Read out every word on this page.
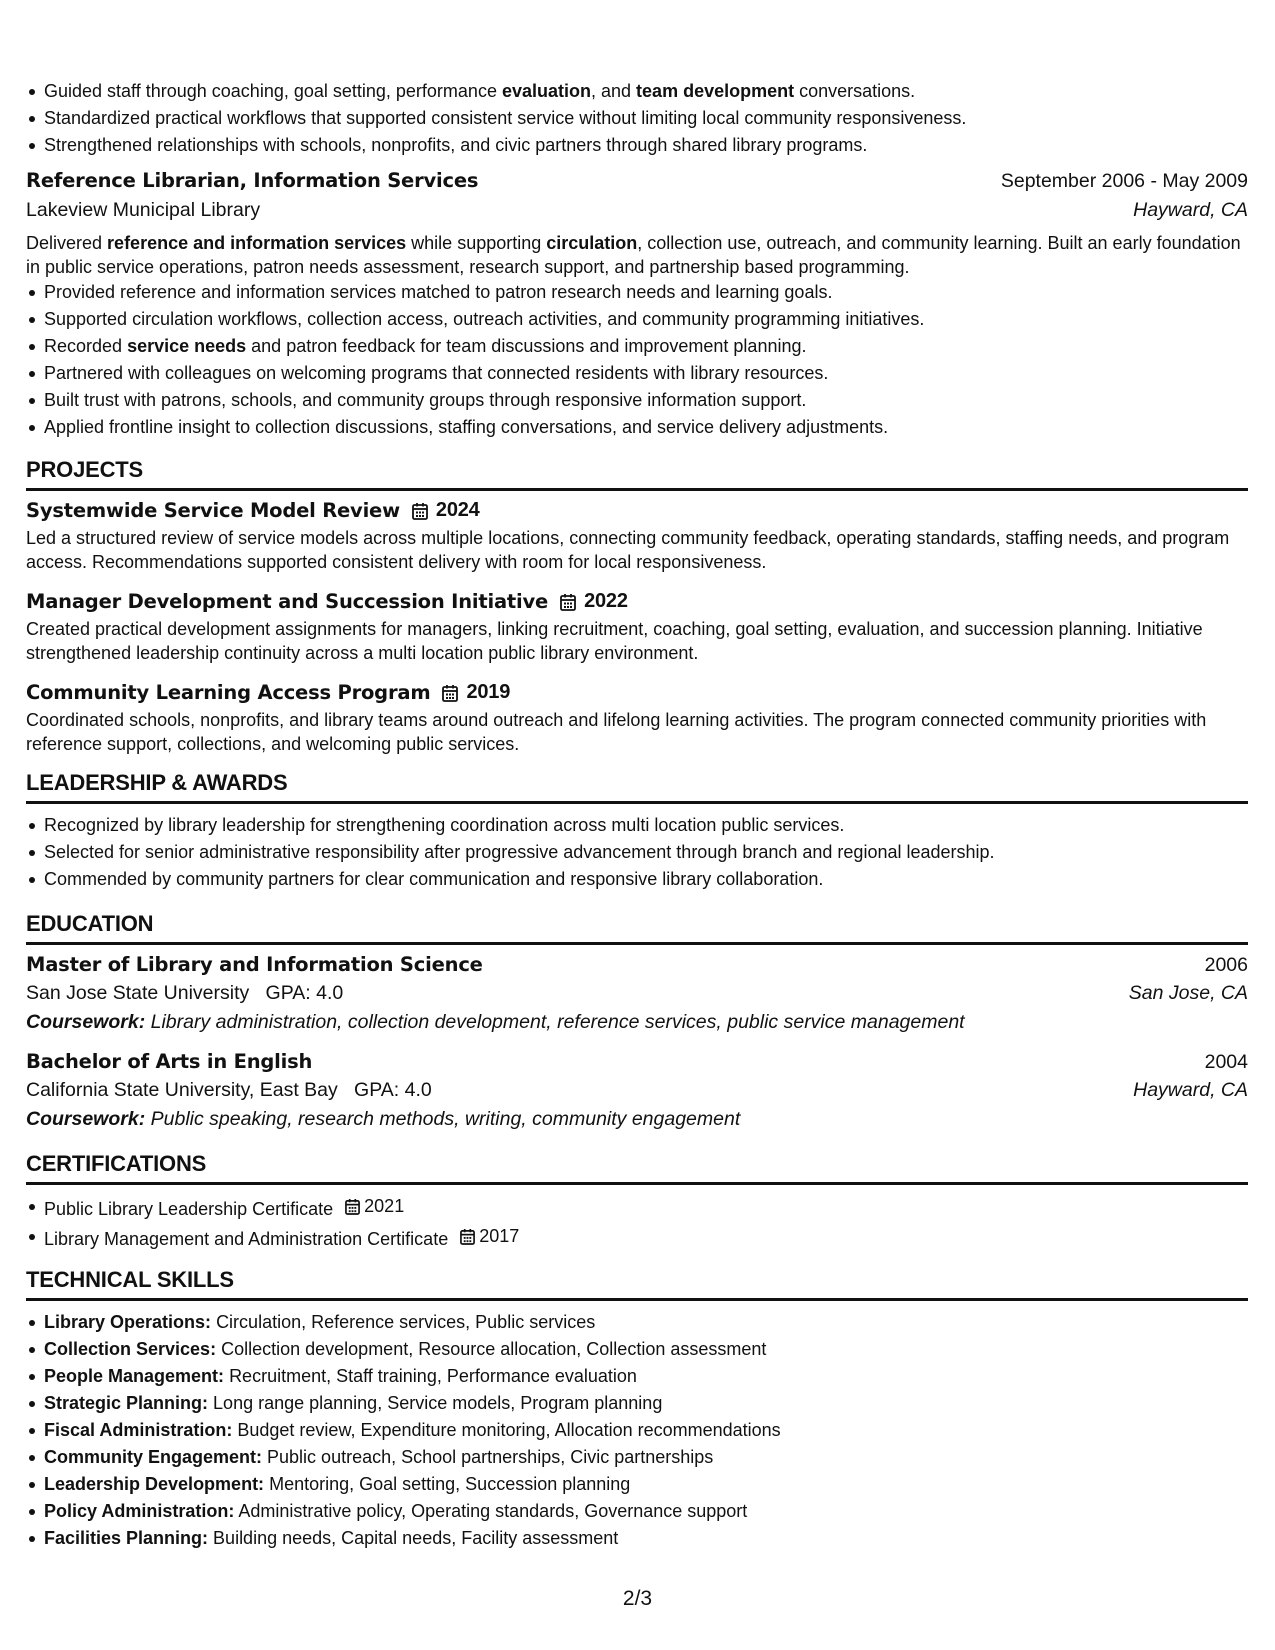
Guided staff through coaching, goal setting, performance evaluation, and team development conversations.
Standardized practical workflows that supported consistent service without limiting local community responsiveness.
Strengthened relationships with schools, nonprofits, and civic partners through shared library programs.
Reference Librarian, Information Services	September 2006 - May 2009
Lakeview Municipal Library	Hayward, CA
Delivered reference and information services while supporting circulation, collection use, outreach, and community learning. Built an early foundation in public service operations, patron needs assessment, research support, and partnership based programming.
Provided reference and information services matched to patron research needs and learning goals.
Supported circulation workflows, collection access, outreach activities, and community programming initiatives.
Recorded service needs and patron feedback for team discussions and improvement planning.
Partnered with colleagues on welcoming programs that connected residents with library resources.
Built trust with patrons, schools, and community groups through responsive information support.
Applied frontline insight to collection discussions, staffing conversations, and service delivery adjustments.
PROJECTS
Systemwide Service Model Review 2024
Led a structured review of service models across multiple locations, connecting community feedback, operating standards, staffing needs, and program access. Recommendations supported consistent delivery with room for local responsiveness.
Manager Development and Succession Initiative 2022
Created practical development assignments for managers, linking recruitment, coaching, goal setting, evaluation, and succession planning. Initiative strengthened leadership continuity across a multi location public library environment.
Community Learning Access Program 2019
Coordinated schools, nonprofits, and library teams around outreach and lifelong learning activities. The program connected community priorities with reference support, collections, and welcoming public services.
LEADERSHIP & AWARDS
Recognized by library leadership for strengthening coordination across multi location public services.
Selected for senior administrative responsibility after progressive advancement through branch and regional leadership.
Commended by community partners for clear communication and responsive library collaboration.
EDUCATION
Master of Library and Information Science	2006
San Jose State University GPA: 4.0	San Jose, CA
Coursework: Library administration, collection development, reference services, public service management
Bachelor of Arts in English	2004
California State University, East Bay GPA: 4.0	Hayward, CA
Coursework: Public speaking, research methods, writing, community engagement
CERTIFICATIONS
Public Library Leadership Certificate 2021
Library Management and Administration Certificate 2017
TECHNICAL SKILLS
Library Operations: Circulation, Reference services, Public services
Collection Services: Collection development, Resource allocation, Collection assessment
People Management: Recruitment, Staff training, Performance evaluation
Strategic Planning: Long range planning, Service models, Program planning
Fiscal Administration: Budget review, Expenditure monitoring, Allocation recommendations
Community Engagement: Public outreach, School partnerships, Civic partnerships
Leadership Development: Mentoring, Goal setting, Succession planning
Policy Administration: Administrative policy, Operating standards, Governance support
Facilities Planning: Building needs, Capital needs, Facility assessment
2/3
